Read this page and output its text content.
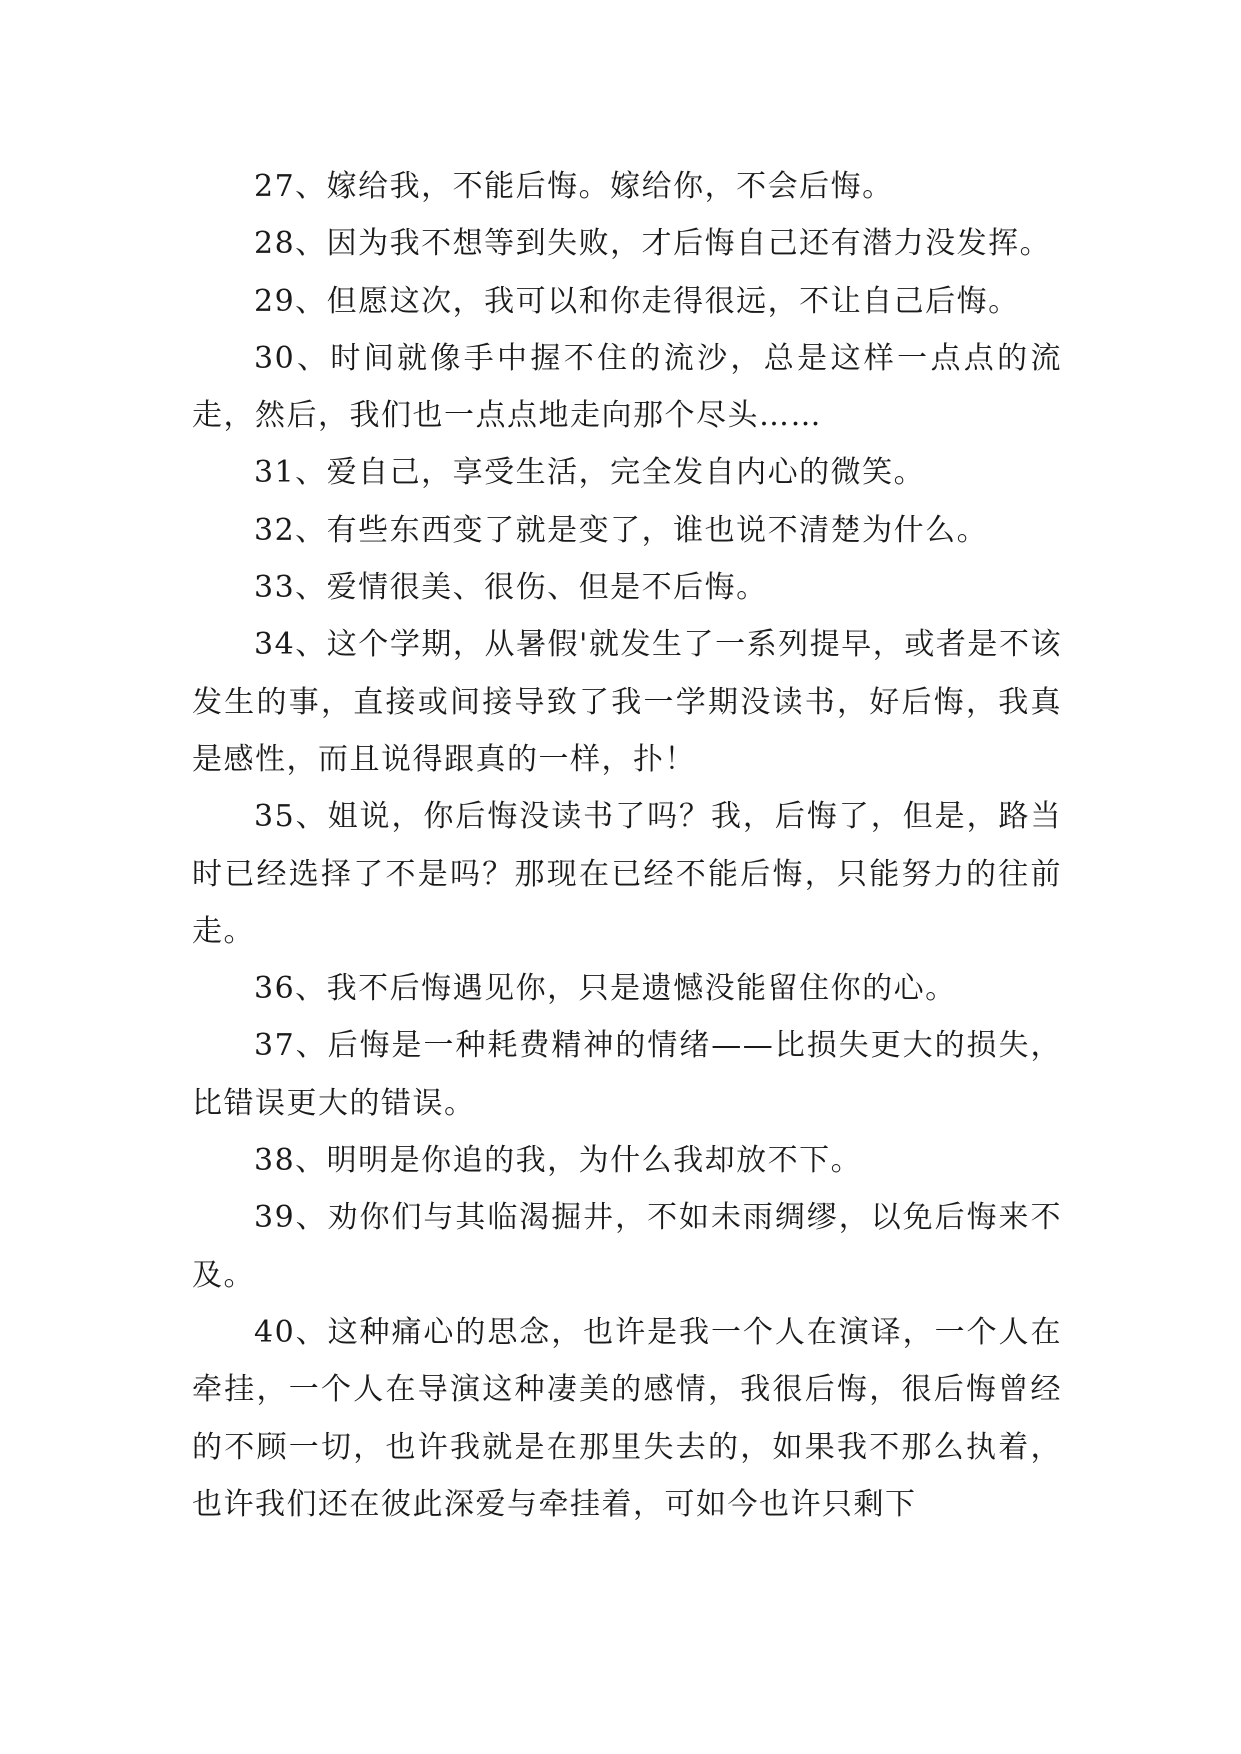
27、嫁给我，不能后悔。嫁给你，不会后悔。

28、因为我不想等到失败，才后悔自己还有潜力没发挥。

29、但愿这次，我可以和你走得很远，不让自己后悔。

30、时间就像手中握不住的流沙，总是这样一点点的流走，然后，我们也一点点地走向那个尽头……

31、爱自己，享受生活，完全发自内心的微笑。

32、有些东西变了就是变了，谁也说不清楚为什么。

33、爱情很美、很伤、但是不后悔。

34、这个学期，从暑假'就发生了一系列提早，或者是不该发生的事，直接或间接导致了我一学期没读书，好后悔，我真是感性，而且说得跟真的一样，扑！

35、姐说，你后悔没读书了吗？我，后悔了，但是，路当时已经选择了不是吗？那现在已经不能后悔，只能努力的往前走。

36、我不后悔遇见你，只是遗憾没能留住你的心。

37、后悔是一种耗费精神的情绪——比损失更大的损失，比错误更大的错误。

38、明明是你追的我，为什么我却放不下。

39、劝你们与其临渴掘井，不如未雨绸缪，以免后悔来不及。

40、这种痛心的思念，也许是我一个人在演译，一个人在牵挂，一个人在导演这种凄美的感情，我很后悔，很后悔曾经的不顾一切，也许我就是在那里失去的，如果我不那么执着，也许我们还在彼此深爱与牵挂着，可如今也许只剩下
